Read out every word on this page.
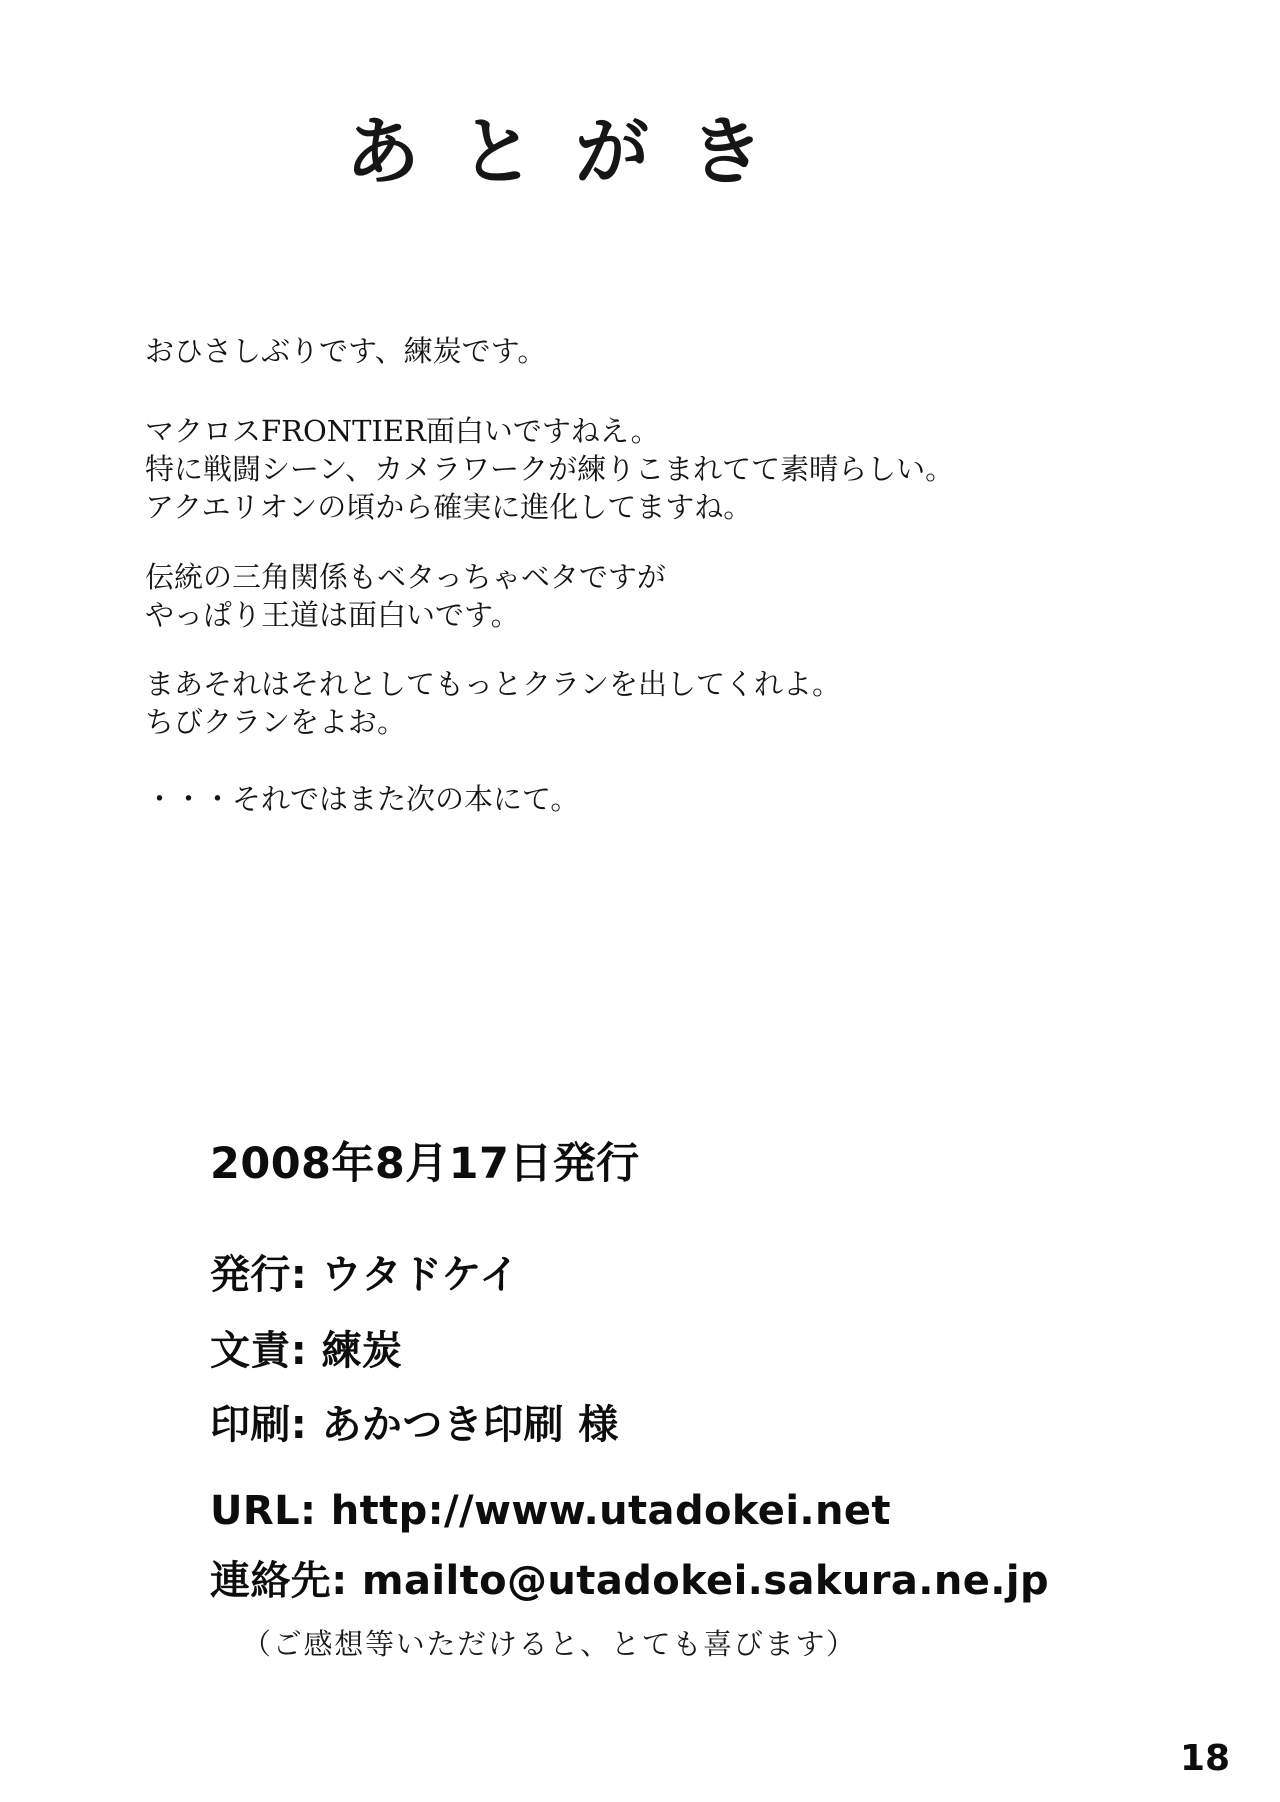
あとがき
おひさしぶりです、練炭です。
マクロスFRONTIER面白いですねえ。
特に戦闘シーン、カメラワークが練りこまれてて素晴らしい。
アクエリオンの頃から確実に進化してますね。
伝統の三角関係もベタっちゃベタですが
やっぱり王道は面白いです。
まあそれはそれとしてもっとクランを出してくれよ。
ちびクランをよお。
・・・それではまた次の本にて。
2008年8月17日発行
発行: ウタドケイ
文責: 練炭
印刷: あかつき印刷 様
URL: http://www.utadokei.net
連絡先: mailto@utadokei.sakura.ne.jp
（ご感想等いただけると、とても喜びます）
18
